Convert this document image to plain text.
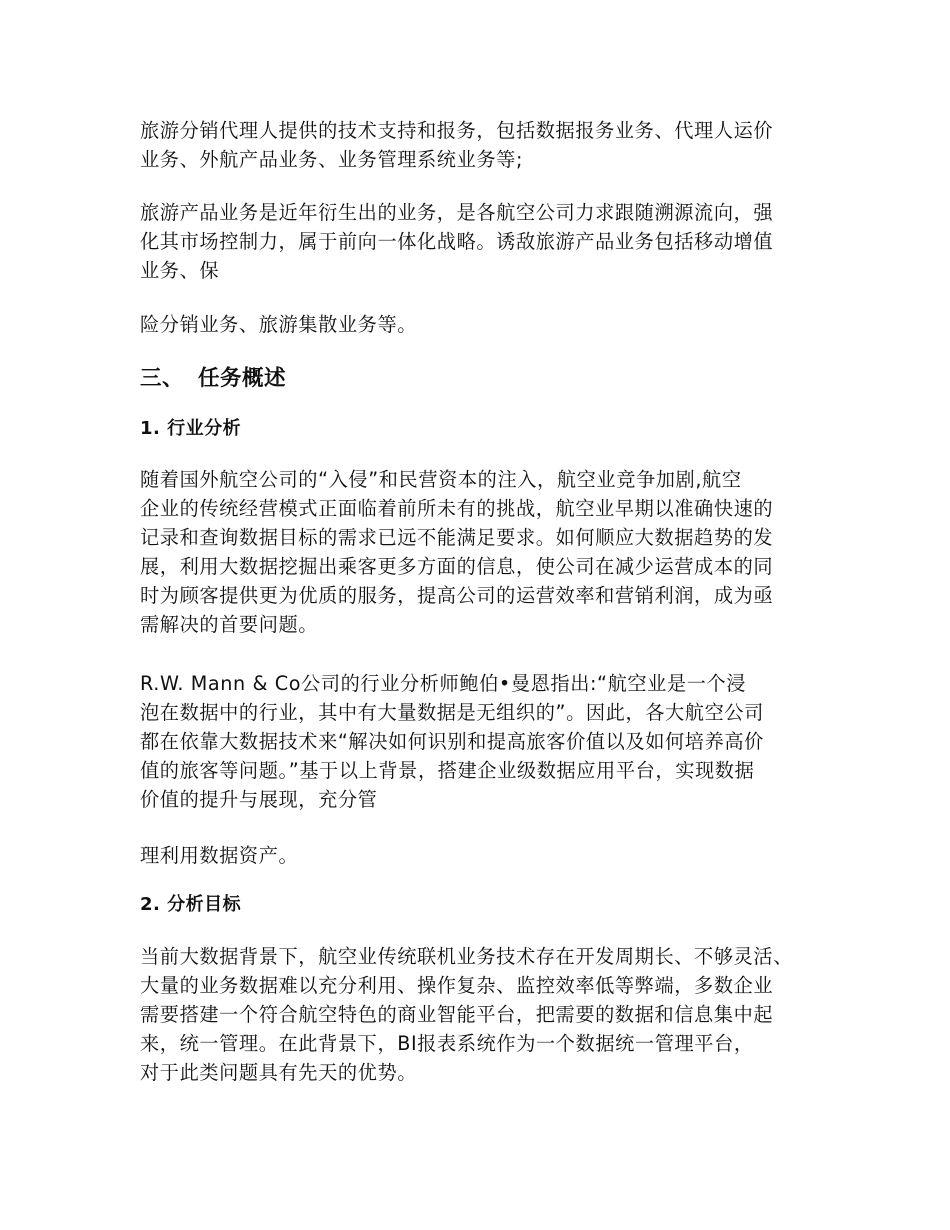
旅游分销代理人提供的技术支持和报务，包括数据报务业务、代理人运价
业务、外航产品业务、业务管理系统业务等;
旅游产品业务是近年衍生出的业务，是各航空公司力求跟随溯源流向，强
化其市场控制力，属于前向一体化战略。诱敌旅游产品业务包括移动增值
业务、保
险分销业务、旅游集散业务等。
三、 任务概述
1. 行业分析
随着国外航空公司的“入侵”和民营资本的注入，航空业竞争加剧,航空
企业的传统经营模式正面临着前所未有的挑战，航空业早期以准确快速的
记录和查询数据目标的需求已远不能满足要求。如何顺应大数据趋势的发
展，利用大数据挖掘出乘客更多方面的信息，使公司在减少运营成本的同
时为顾客提供更为优质的服务，提高公司的运营效率和营销利润，成为亟
需解决的首要问题。
R.W. Mann & Co公司的行业分析师鲍伯•曼恩指出:“航空业是一个浸
泡在数据中的行业，其中有大量数据是无组织的”。因此，各大航空公司
都在依靠大数据技术来“解决如何识别和提高旅客价值以及如何培养高价
值的旅客等问题。”基于以上背景，搭建企业级数据应用平台，实现数据
价值的提升与展现，充分管
理利用数据资产。
2. 分析目标
当前大数据背景下，航空业传统联机业务技术存在开发周期长、不够灵活、
大量的业务数据难以充分利用、操作复杂、监控效率低等弊端，多数企业
需要搭建一个符合航空特色的商业智能平台，把需要的数据和信息集中起
来，统一管理。在此背景下，BI报表系统作为一个数据统一管理平台，
对于此类问题具有先天的优势。
